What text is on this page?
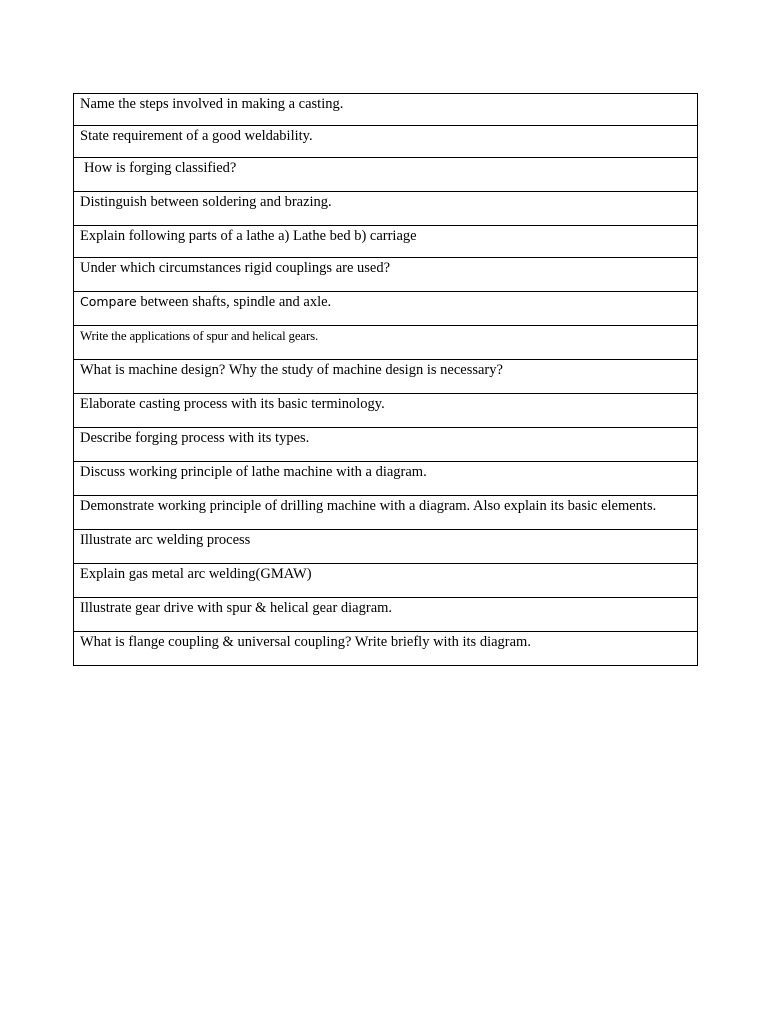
Name the steps involved in making a casting.
State requirement of a good weldability.
How is forging classified?
Distinguish between soldering and brazing.
Explain following parts of a lathe a) Lathe bed b) carriage
Under which circumstances rigid couplings are used?
Compare between shafts, spindle and axle.
Write the applications of spur and helical gears.
What is machine design? Why the study of machine design is necessary?
Elaborate casting process with its basic terminology.
Describe forging process with its types.
Discuss working principle of lathe machine with a diagram.
Demonstrate working principle of drilling machine with a diagram. Also explain its basic elements.
Illustrate arc welding process
Explain gas metal arc welding(GMAW)
Illustrate gear drive with spur & helical gear diagram.
What is flange coupling & universal coupling? Write briefly with its diagram.
